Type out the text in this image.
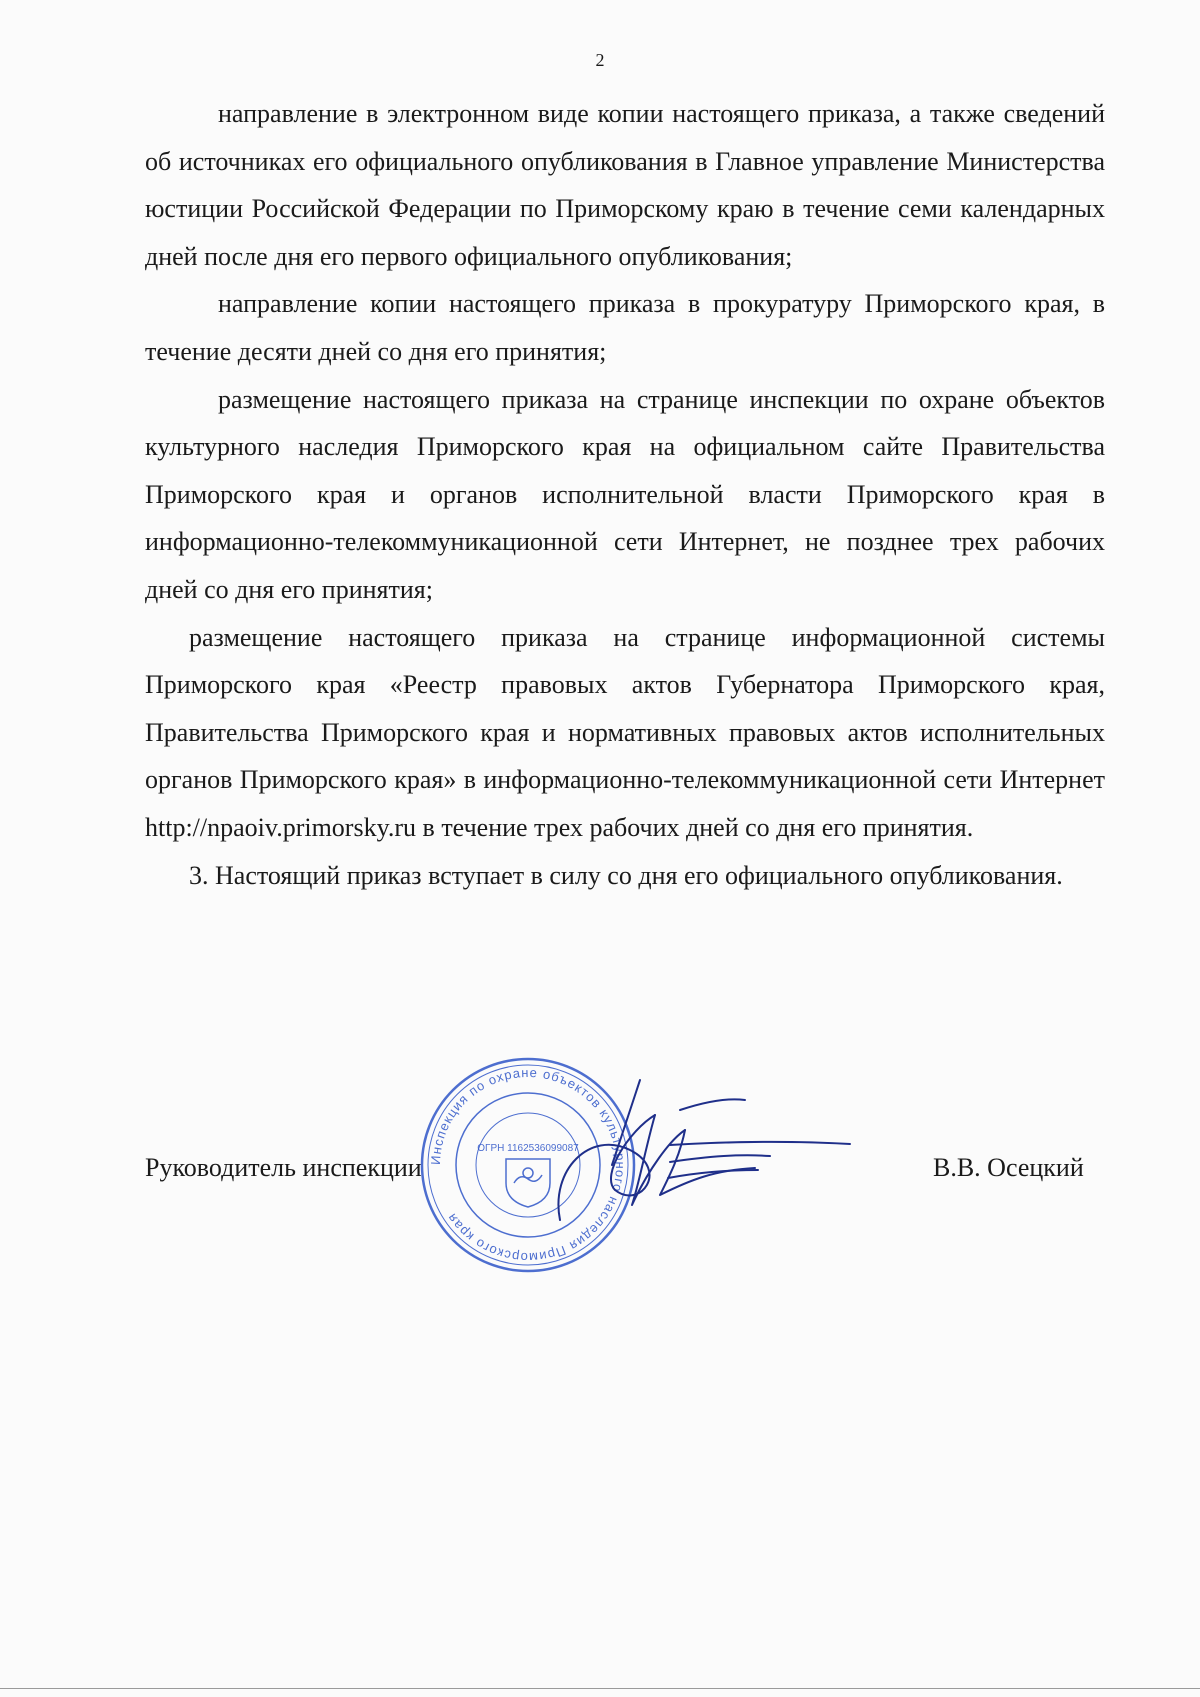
2

направление в электронном виде копии настоящего приказа, а также сведений об источниках его официального опубликования в Главное управление Министерства юстиции Российской Федерации по Приморскому краю в течение семи календарных дней после дня его первого официального опубликования;

направление копии настоящего приказа в прокуратуру Приморского края, в течение десяти дней со дня его принятия;

размещение настоящего приказа на странице инспекции по охране объектов культурного наследия Приморского края на официальном сайте Правительства Приморского края и органов исполнительной власти Приморского края в информационно-телекоммуникационной сети Интернет, не позднее трех рабочих дней со дня его принятия;

размещение настоящего приказа на странице информационной системы Приморского края «Реестр правовых актов Губернатора Приморского края, Правительства Приморского края и нормативных правовых актов исполнительных органов Приморского края» в информационно-телекоммуникационной сети Интернет http://npaoiv.primorsky.ru в течение трех рабочих дней со дня его принятия.

3. Настоящий приказ вступает в силу со дня его официального опубликования.

Руководитель инспекции	В.В. Осецкий
Инспекция по охране объектов культурного наследия Приморского края
ОГРН 1162536099087
